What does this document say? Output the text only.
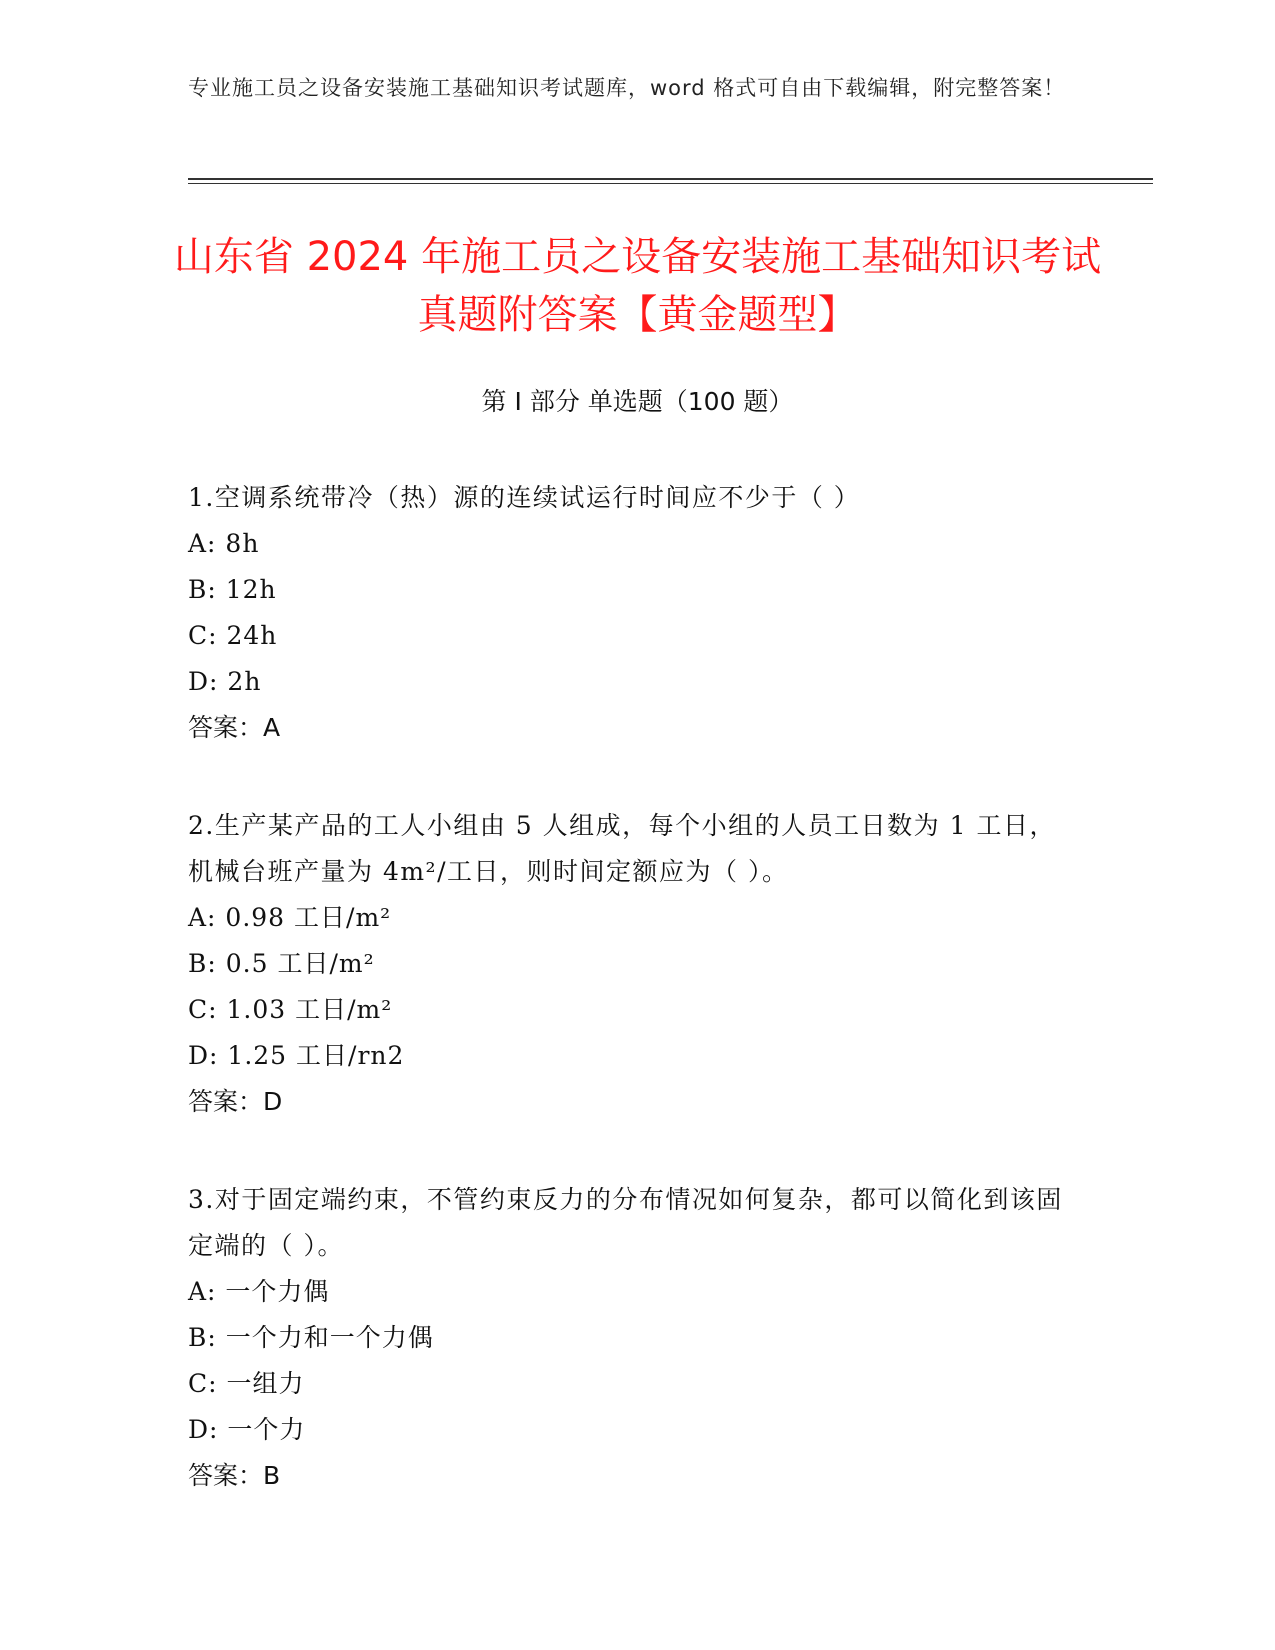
专业施工员之设备安装施工基础知识考试题库，word 格式可自由下载编辑，附完整答案！
山东省 2024 年施工员之设备安装施工基础知识考试真题附答案【黄金题型】
第 I 部分 单选题（100 题）

1.空调系统带冷（热）源的连续试运行时间应不少于（ ）

A: 8h

B: 12h

C: 24h

D: 2h

答案：A

2.生产某产品的工人小组由 5 人组成，每个小组的人员工日数为 1 工日，机械台班产量为 4m²/工日，则时间定额应为（ ）。

A: 0.98 工日/m²

B: 0.5 工日/m²

C: 1.03 工日/m²

D: 1.25 工日/rn2

答案：D

3.对于固定端约束，不管约束反力的分布情况如何复杂，都可以简化到该固定端的（ ）。

A: 一个力偶

B: 一个力和一个力偶

C: 一组力

D: 一个力

答案：B
